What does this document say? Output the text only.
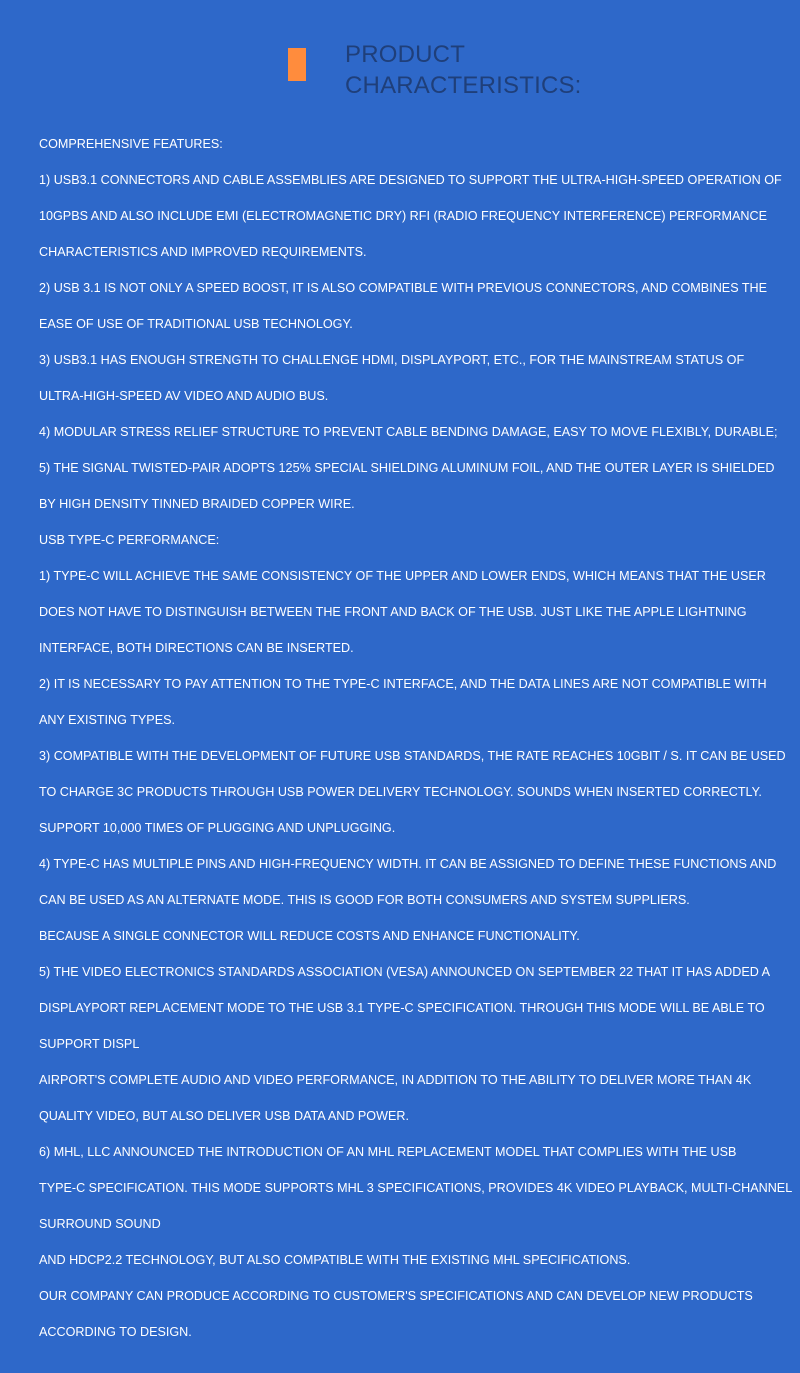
PRODUCT
CHARACTERISTICS:
COMPREHENSIVE FEATURES:
1) USB3.1 CONNECTORS AND CABLE ASSEMBLIES ARE DESIGNED TO SUPPORT THE ULTRA-HIGH-SPEED OPERATION OF
10GPBS AND ALSO INCLUDE EMI (ELECTROMAGNETIC DRY) RFI (RADIO FREQUENCY INTERFERENCE) PERFORMANCE
CHARACTERISTICS AND IMPROVED REQUIREMENTS.
2) USB 3.1 IS NOT ONLY A SPEED BOOST, IT IS ALSO COMPATIBLE WITH PREVIOUS CONNECTORS, AND COMBINES THE
EASE OF USE OF TRADITIONAL USB TECHNOLOGY.
3) USB3.1 HAS ENOUGH STRENGTH TO CHALLENGE HDMI, DISPLAYPORT, ETC., FOR THE MAINSTREAM STATUS OF
ULTRA-HIGH-SPEED AV VIDEO AND AUDIO BUS.
4) MODULAR STRESS RELIEF STRUCTURE TO PREVENT CABLE BENDING DAMAGE, EASY TO MOVE FLEXIBLY, DURABLE;
5) THE SIGNAL TWISTED-PAIR ADOPTS 125% SPECIAL SHIELDING ALUMINUM FOIL, AND THE OUTER LAYER IS SHIELDED
BY HIGH DENSITY TINNED BRAIDED COPPER WIRE.
USB TYPE-C PERFORMANCE:
1) TYPE-C WILL ACHIEVE THE SAME CONSISTENCY OF THE UPPER AND LOWER ENDS, WHICH MEANS THAT THE USER
DOES NOT HAVE TO DISTINGUISH BETWEEN THE FRONT AND BACK OF THE USB. JUST LIKE THE APPLE LIGHTNING
INTERFACE, BOTH DIRECTIONS CAN BE INSERTED.
2) IT IS NECESSARY TO PAY ATTENTION TO THE TYPE-C INTERFACE, AND THE DATA LINES ARE NOT COMPATIBLE WITH
ANY EXISTING TYPES.
3) COMPATIBLE WITH THE DEVELOPMENT OF FUTURE USB STANDARDS, THE RATE REACHES 10GBIT / S. IT CAN BE USED
TO CHARGE 3C PRODUCTS THROUGH USB POWER DELIVERY TECHNOLOGY. SOUNDS WHEN INSERTED CORRECTLY.
SUPPORT 10,000 TIMES OF PLUGGING AND UNPLUGGING.
4) TYPE-C HAS MULTIPLE PINS AND HIGH-FREQUENCY WIDTH. IT CAN BE ASSIGNED TO DEFINE THESE FUNCTIONS AND
CAN BE USED AS AN ALTERNATE MODE. THIS IS GOOD FOR BOTH CONSUMERS AND SYSTEM SUPPLIERS.
BECAUSE A SINGLE CONNECTOR WILL REDUCE COSTS AND ENHANCE FUNCTIONALITY.
5) THE VIDEO ELECTRONICS STANDARDS ASSOCIATION (VESA) ANNOUNCED ON SEPTEMBER 22 THAT IT HAS ADDED A
DISPLAYPORT REPLACEMENT MODE TO THE USB 3.1 TYPE-C SPECIFICATION. THROUGH THIS MODE WILL BE ABLE TO
SUPPORT DISPL
AIRPORT'S COMPLETE AUDIO AND VIDEO PERFORMANCE, IN ADDITION TO THE ABILITY TO DELIVER MORE THAN 4K
QUALITY VIDEO, BUT ALSO DELIVER USB DATA AND POWER.
6) MHL, LLC ANNOUNCED THE INTRODUCTION OF AN MHL REPLACEMENT MODEL THAT COMPLIES WITH THE USB
TYPE-C SPECIFICATION. THIS MODE SUPPORTS MHL 3 SPECIFICATIONS, PROVIDES 4K VIDEO PLAYBACK, MULTI-CHANNEL
SURROUND SOUND
AND HDCP2.2 TECHNOLOGY, BUT ALSO COMPATIBLE WITH THE EXISTING MHL SPECIFICATIONS.
OUR COMPANY CAN PRODUCE ACCORDING TO CUSTOMER'S SPECIFICATIONS AND CAN DEVELOP NEW PRODUCTS
ACCORDING TO DESIGN.
